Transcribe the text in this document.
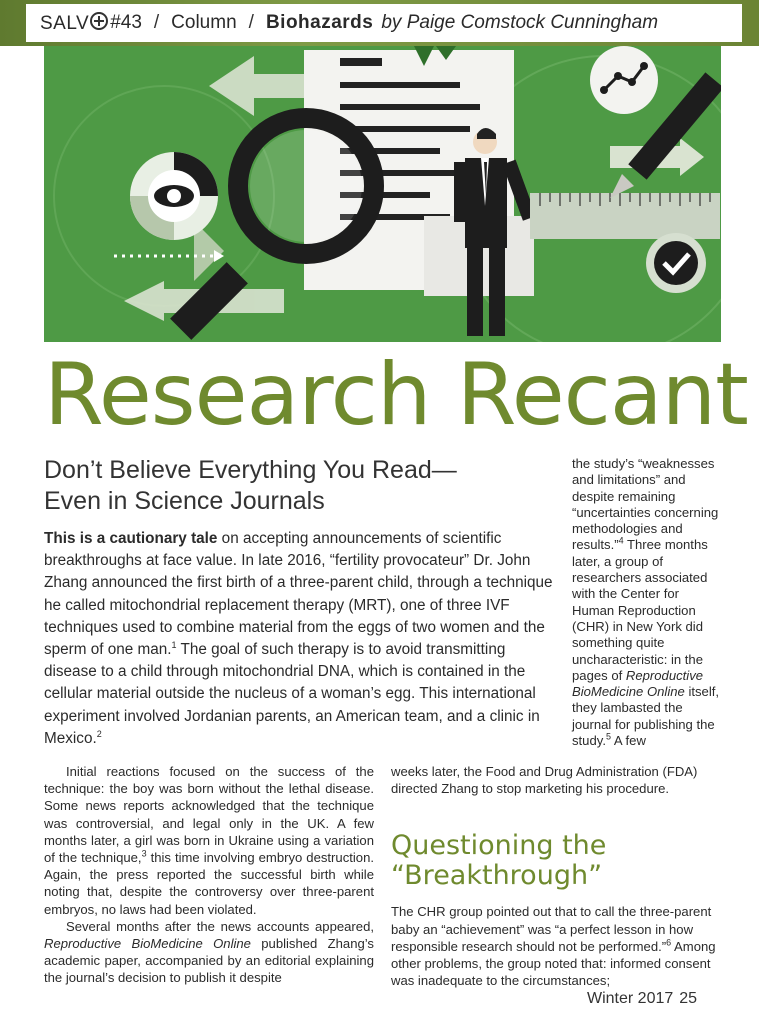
SALV	#43 / Column / Biohazards by Paige Comstock Cunningham
Research Recant
Don’t Believe Everything You Read—
Even in Science Journals
This is a cautionary tale on accepting announcements of scientific breakthroughs at face value. In late 2016, “fertility provocateur” Dr. John Zhang announced the first birth of a three-parent child, through a technique he called mitochondrial replacement therapy (MRT), one of three IVF techniques used to combine material from the eggs of two women and the sperm of one man.$^1$ The goal of such therapy is to avoid transmitting disease to a child through mitochondrial DNA, which is contained in the cellular material outside the nucleus of a woman’s egg. This international experiment involved Jordanian parents, an American team, and a clinic in Mexico.$^2$
the study’s “weaknesses and limitations” and despite remaining “uncertainties concerning methodologies and results.”$^4$ Three months later, a group of researchers associated with the Center for Human Reproduction (CHR) in New York did something quite uncharacteristic: in the pages of Reproductive BioMedicine Online itself, they lambasted the journal for publishing the study.$^5$ A few

Initial reactions focused on the success of the technique: the boy was born without the lethal disease. Some news reports acknowledged that the technique was controversial, and legal only in the UK. A few months later, a girl was born in Ukraine using a variation of the technique,$^3$ this time involving embryo destruction. Again, the press reported the successful birth while noting that, despite the controversy over three-parent embryos, no laws had been violated.

Several months after the news accounts appeared, Reproductive BioMedicine Online published Zhang’s academic paper, accompanied by an editorial explaining the journal’s decision to publish it despite

weeks later, the Food and Drug Administration (FDA) directed Zhang to stop marketing his procedure.

Questioning the “Breakthrough”

The CHR group pointed out that to call the three-parent baby an “achievement” was “a perfect lesson in how responsible research should not be performed.”$^6$ Among other problems, the group noted that: informed consent was inadequate to the circumstances;

Winter 2017 25
